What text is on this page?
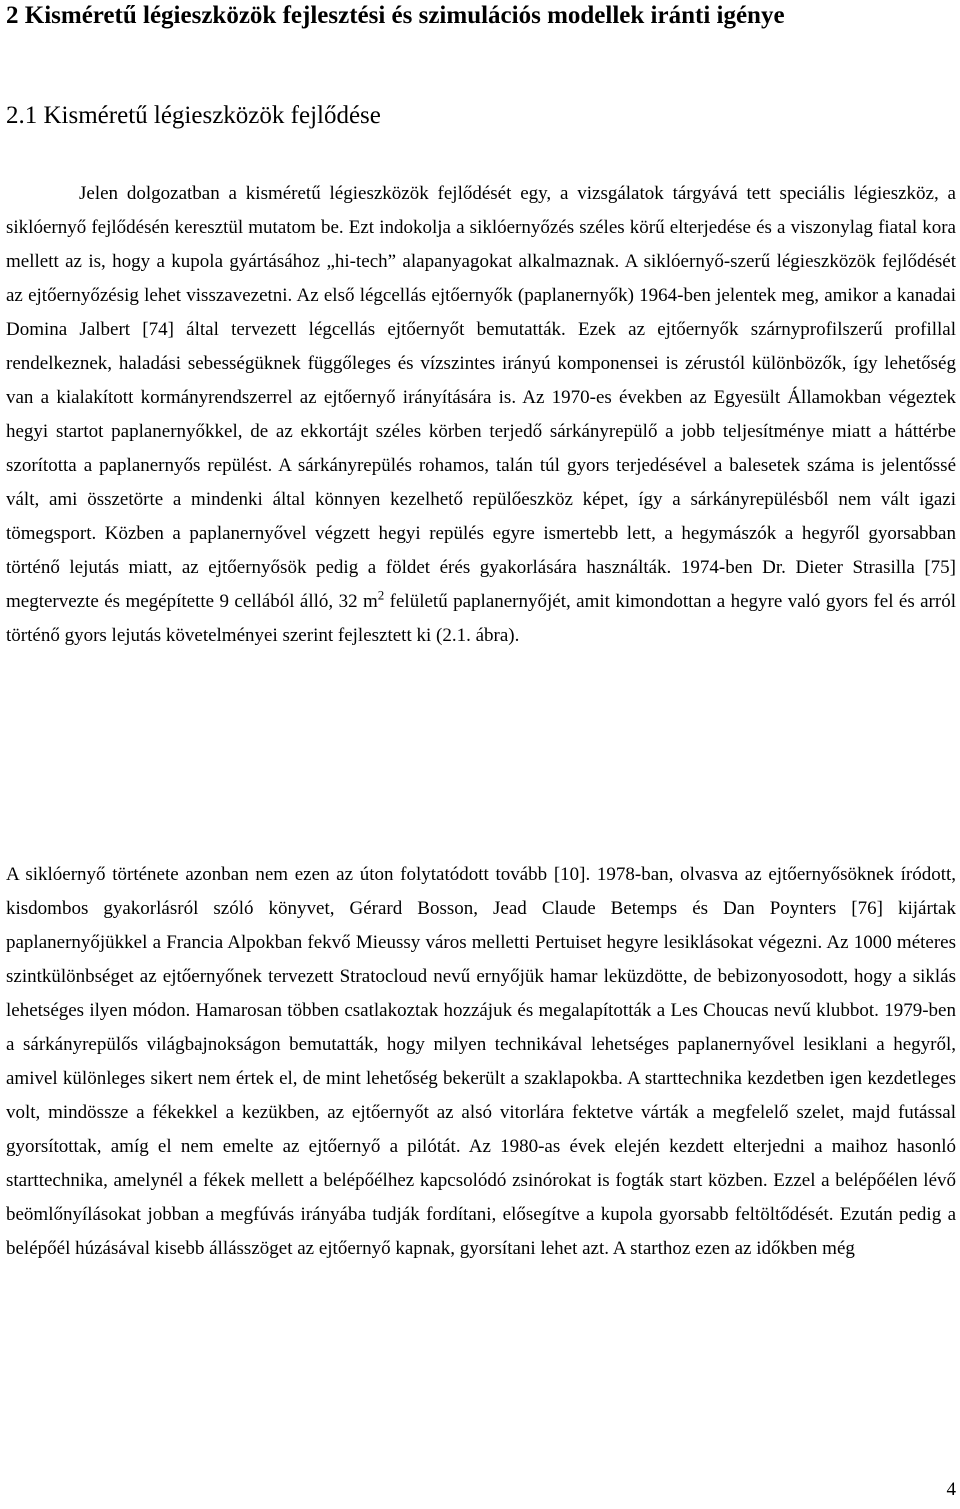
2 Kisméretű légieszközök fejlesztési és szimulációs modellek iránti igénye
2.1 Kisméretű légieszközök fejlődése

Jelen dolgozatban a kisméretű légieszközök fejlődését egy, a vizsgálatok tárgyává tett speciális légieszköz, a siklóernyő fejlődésén keresztül mutatom be. Ezt indokolja a siklóernyőzés széles körű elterjedése és a viszonylag fiatal kora mellett az is, hogy a kupola gyártásához „hi-tech” alapanyagokat alkalmaznak. A siklóernyő-szerű légieszközök fejlődését az ejtőernyőzésig lehet visszavezetni. Az első légcellás ejtőernyők (paplanernyők) 1964-ben jelentek meg, amikor a kanadai Domina Jalbert [74] által tervezett légcellás ejtőernyőt bemutatták. Ezek az ejtőernyők szárnyprofilszerű profillal rendelkeznek, haladási sebességüknek függőleges és vízszintes irányú komponensei is zérustól különbözők, így lehetőség van a kialakított kormányrendszerrel az ejtőernyő irányítására is. Az 1970-es években az Egyesült Államokban végeztek hegyi startot paplanernyőkkel, de az ekkortájt széles körben terjedő sárkányrepülő a jobb teljesítménye miatt a háttérbe szorította a paplanernyős repülést. A sárkányrepülés rohamos, talán túl gyors terjedésével a balesetek száma is jelentőssé vált, ami összetörte a mindenki által könnyen kezelhető repülőeszköz képet, így a sárkányrepülésből nem vált igazi tömegsport. Közben a paplanernyővel végzett hegyi repülés egyre ismertebb lett, a hegymászók a hegyről gyorsabban történő lejutás miatt, az ejtőernyősök pedig a földet érés gyakorlására használták. 1974-ben Dr. Dieter Strasilla [75] megtervezte és megépítette 9 cellából álló, 32 $m^2$ felületű paplanernyőjét, amit kimondottan a hegyre való gyors fel és arról történő gyors lejutás követelményei szerint fejlesztett ki (2.1. ábra).

A siklóernyő története azonban nem ezen az úton folytatódott tovább [10]. 1978-ban, olvasva az ejtőernyősöknek íródott, kisdombos gyakorlásról szóló könyvet, Gérard Bosson, Jead Claude Betemps és Dan Poynters [76] kijártak paplanernyőjükkel a Francia Alpokban fekvő Mieussy város melletti Pertuiset hegyre lesiklásokat végezni. Az 1000 méteres szintkülönbséget az ejtőernyőnek tervezett Stratocloud nevű ernyőjük hamar leküzdötte, de bebizonyosodott, hogy a siklás lehetséges ilyen módon. Hamarosan többen csatlakoztak hozzájuk és megalapították a Les Choucas nevű klubbot. 1979-ben a sárkányrepülős világbajnokságon bemutatták, hogy milyen technikával lehetséges paplanernyővel lesiklani a hegyről, amivel különleges sikert nem értek el, de mint lehetőség bekerült a szaklapokba. A starttechnika kezdetben igen kezdetleges volt, mindössze a fékekkel a kezükben, az ejtőernyőt az alsó vitorlára fektetve várták a megfelelő szelet, majd futással gyorsítottak, amíg el nem emelte az ejtőernyő a pilótát. Az 1980-as évek elején kezdett elterjedni a maihoz hasonló starttechnika, amelynél a fékek mellett a belépőélhez kapcsolódó zsinórokat is fogták start közben. Ezzel a belépőélen lévő beömlőnyílásokat jobban a megfúvás irányába tudják fordítani, elősegítve a kupola gyorsabb feltöltődését. Ezután pedig a belépőél húzásával kisebb állásszöget az ejtőernyő kapnak, gyorsítani lehet azt. A starthoz ezen az időkben még

4
